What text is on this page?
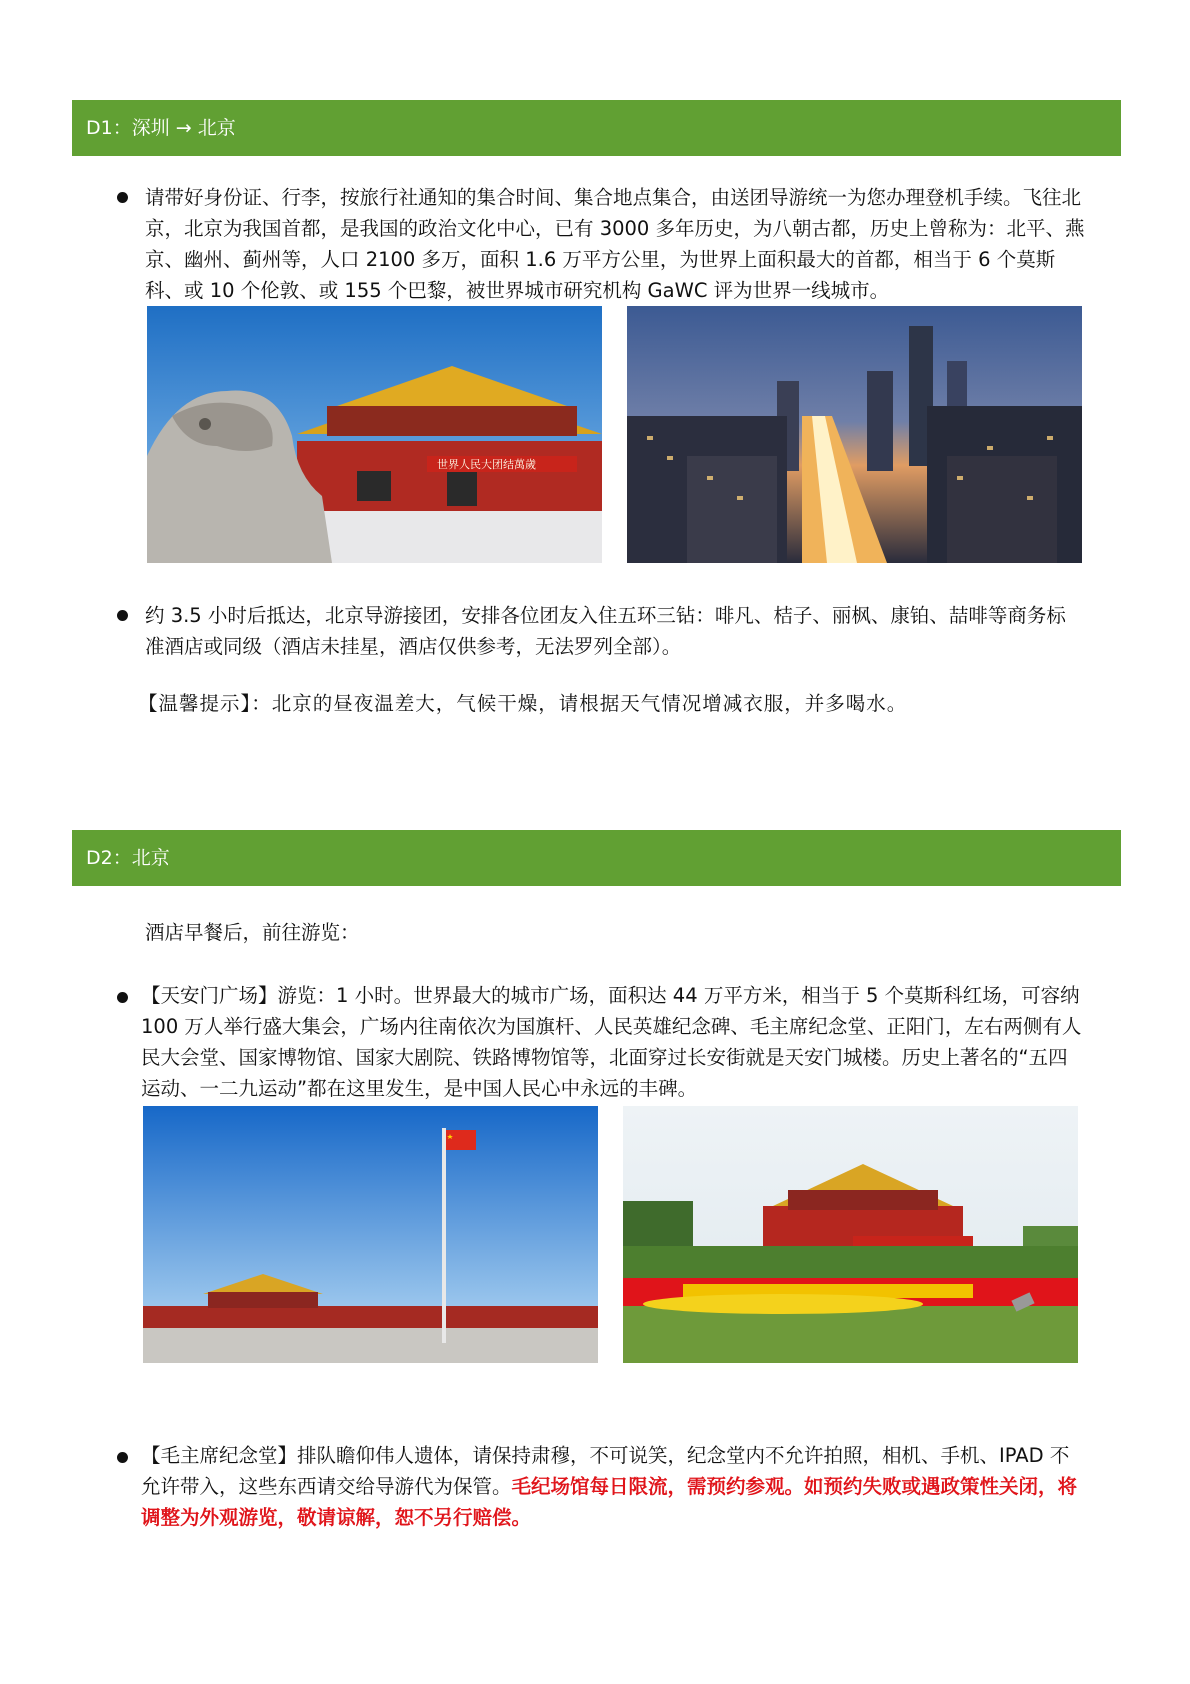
D1：深圳 → 北京

请带好身份证、行李，按旅行社通知的集合时间、集合地点集合，由送团导游统一为您办理登机手续。飞往北京，北京为我国首都，是我国的政治文化中心，已有 3000 多年历史，为八朝古都，历史上曾称为：北平、燕京、幽州、蓟州等，人口 2100 多万，面积 1.6 万平方公里，为世界上面积最大的首都，相当于 6 个莫斯科、或 10 个伦敦、或 155 个巴黎，被世界城市研究机构 GaWC 评为世界一线城市。

世界人民大团结萬歲

约 3.5 小时后抵达，北京导游接团，安排各位团友入住五环三钻：啡凡、桔子、丽枫、康铂、喆啡等商务标准酒店或同级（酒店未挂星，酒店仅供参考，无法罗列全部）。

【温馨提示】：北京的昼夜温差大，气候干燥，请根据天气情况增减衣服，并多喝水。
D2：北京

酒店早餐后，前往游览：

【天安门广场】游览：1 小时。世界最大的城市广场，面积达 44 万平方米，相当于 5 个莫斯科红场，可容纳 100 万人举行盛大集会，广场内往南依次为国旗杆、人民英雄纪念碑、毛主席纪念堂、正阳门，左右两侧有人民大会堂、国家博物馆、国家大剧院、铁路博物馆等，北面穿过长安街就是天安门城楼。历史上著名的“五四运动、一二九运动”都在这里发生，是中国人民心中永远的丰碑。

【毛主席纪念堂】排队瞻仰伟人遗体，请保持肃穆，不可说笑，纪念堂内不允许拍照，相机、手机、IPAD 不允许带入，这些东西请交给导游代为保管。毛纪场馆每日限流，需预约参观。如预约失败或遇政策性关闭，将调整为外观游览，敬请谅解，恕不另行赔偿。
